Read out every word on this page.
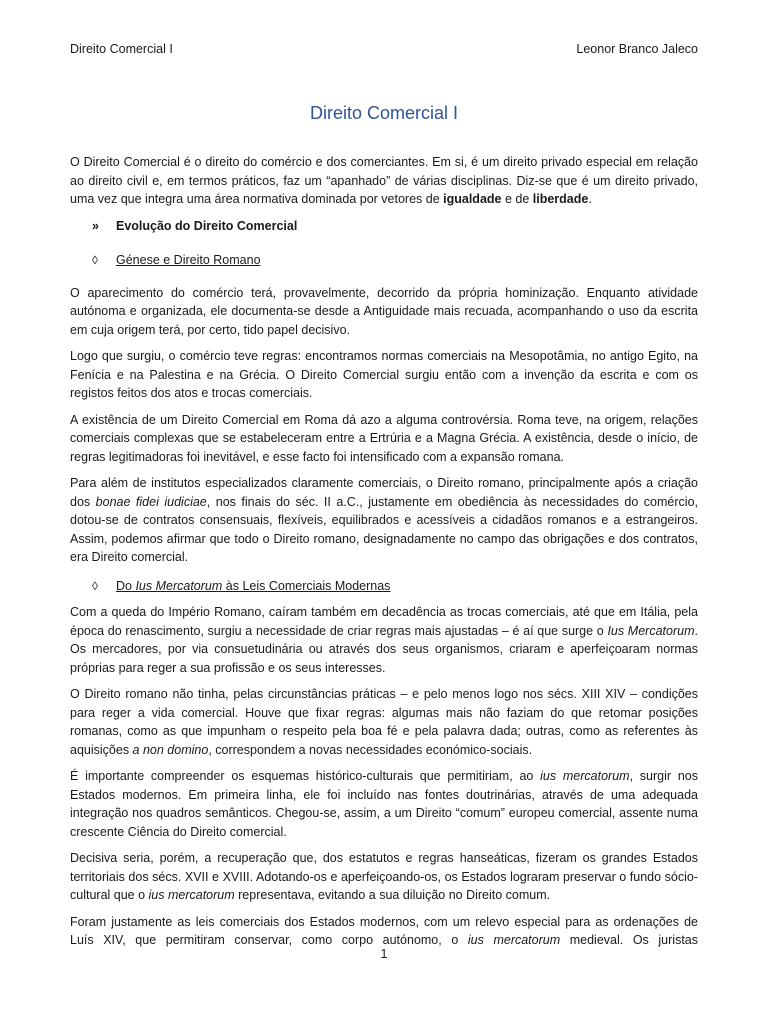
Direito Comercial I	Leonor Branco Jaleco
Direito Comercial I

O Direito Comercial é o direito do comércio e dos comerciantes. Em si, é um direito privado especial em relação ao direito civil e, em termos práticos, faz um “apanhado” de várias disciplinas. Diz-se que é um direito privado, uma vez que integra uma área normativa dominada por vetores de igualdade e de liberdade.

»	Evolução do Direito Comercial
◊	Génese e Direito Romano

O aparecimento do comércio terá, provavelmente, decorrido da própria hominização. Enquanto atividade autónoma e organizada, ele documenta-se desde a Antiguidade mais recuada, acompanhando o uso da escrita em cuja origem terá, por certo, tido papel decisivo.

Logo que surgiu, o comércio teve regras: encontramos normas comerciais na Mesopotâmia, no antigo Egito, na Fenícia e na Palestina e na Grécia. O Direito Comercial surgiu então com a invenção da escrita e com os registos feitos dos atos e trocas comerciais.

A existência de um Direito Comercial em Roma dá azo a alguma controvérsia. Roma teve, na origem, relações comerciais complexas que se estabeleceram entre a Ertrúria e a Magna Grécia. A existência, desde o início, de regras legitimadoras foi inevitável, e esse facto foi intensificado com a expansão romana.

Para além de institutos especializados claramente comerciais, o Direito romano, principalmente após a criação dos bonae fidei iudiciae, nos finais do séc. II a.C., justamente em obediência às necessidades do comércio, dotou-se de contratos consensuais, flexíveis, equilibrados e acessíveis a cidadãos romanos e a estrangeiros. Assim, podemos afirmar que todo o Direito romano, designadamente no campo das obrigações e dos contratos, era Direito comercial.

◊	Do Ius Mercatorum às Leis Comerciais Modernas

Com a queda do Império Romano, caíram também em decadência as trocas comerciais, até que em Itália, pela época do renascimento, surgiu a necessidade de criar regras mais ajustadas – é aí que surge o Ius Mercatorum. Os mercadores, por via consuetudinária ou através dos seus organismos, criaram e aperfeiçoaram normas próprias para reger a sua profissão e os seus interesses.

O Direito romano não tinha, pelas circunstâncias práticas – e pelo menos logo nos sécs. XIII XIV – condições para reger a vida comercial. Houve que fixar regras: algumas mais não faziam do que retomar posições romanas, como as que impunham o respeito pela boa fé e pela palavra dada; outras, como as referentes às aquisições a non domino, correspondem a novas necessidades económico-sociais.

É importante compreender os esquemas histórico-culturais que permitiriam, ao ius mercatorum, surgir nos Estados modernos. Em primeira linha, ele foi incluído nas fontes doutrinárias, através de uma adequada integração nos quadros semânticos. Chegou-se, assim, a um Direito “comum” europeu comercial, assente numa crescente Ciência do Direito comercial.

Decisiva seria, porém, a recuperação que, dos estatutos e regras hanseáticas, fizeram os grandes Estados territoriais dos sécs. XVII e XVIII. Adotando-os e aperfeiçoando-os, os Estados lograram preservar o fundo sócio-cultural que o ius mercatorum representava, evitando a sua diluição no Direito comum.

Foram justamente as leis comerciais dos Estados modernos, com um relevo especial para as ordenações de Luís XIV, que permitiram conservar, como corpo autónomo, o ius mercatorum medieval. Os juristas

1
